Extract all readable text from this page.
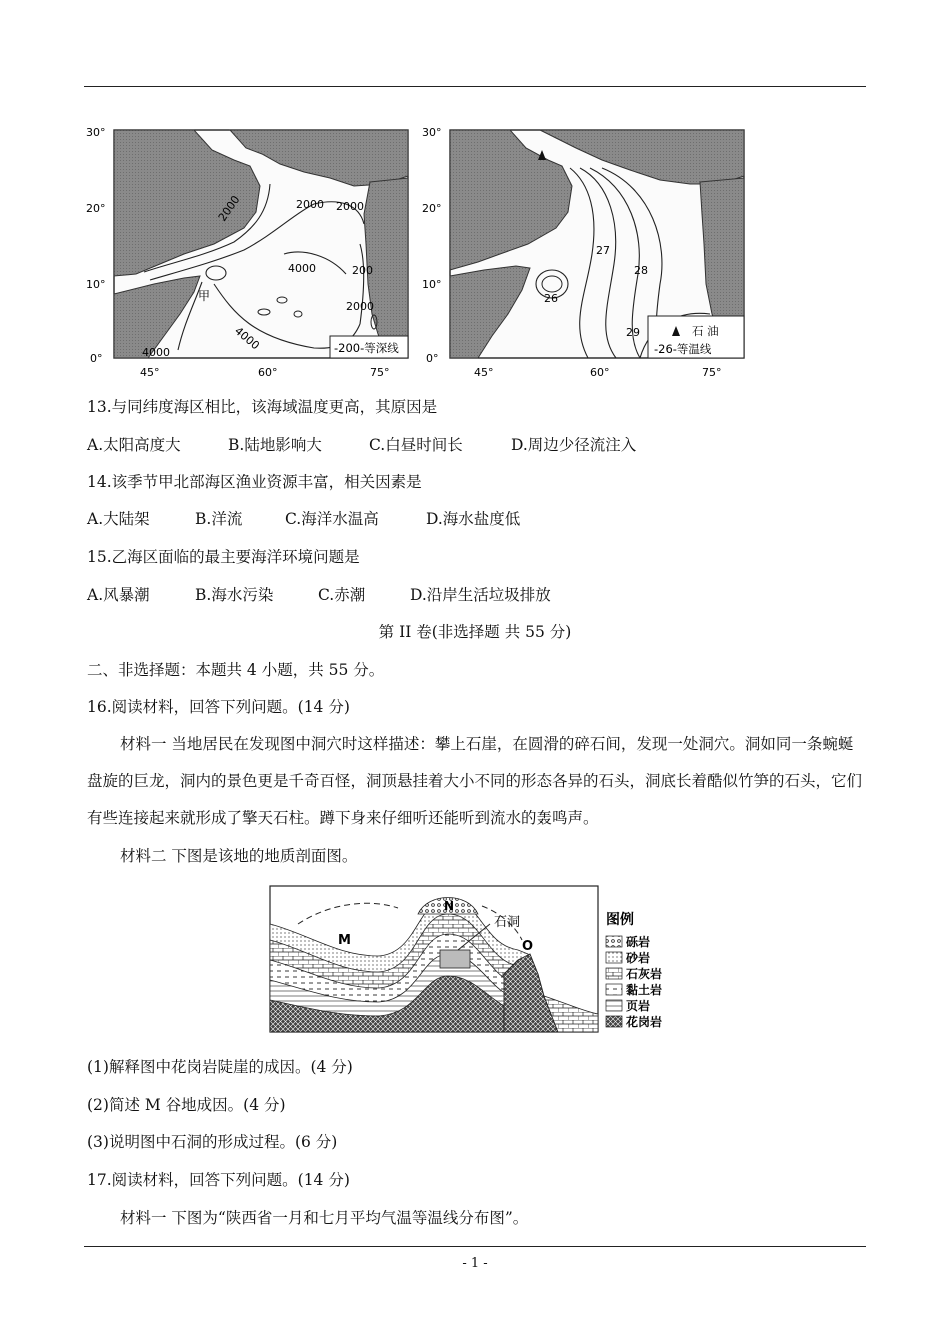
2000	2000 2000
4000
4000
4000
200
2000
甲
-200-等深线
30°
20°
10°
0°
45°	60°	75°
27
28
26
29	石 油
-26-等温线
30°
20°
10°
0°
45°	60°	75°
13.与同纬度海区相比，该海域温度更高，其原因是
A.太阳高度大	B.陆地影响大	C.白昼时间长	D.周边少径流注入
14.该季节甲北部海区渔业资源丰富，相关因素是
A.大陆架	B.洋流	C.海洋水温高	D.海水盐度低
15.乙海区面临的最主要海洋环境问题是
A.风暴潮	B.海水污染	C.赤潮	D.沿岸生活垃圾排放
第 II 卷(非选择题 共 55 分)
二、非选择题：本题共 4 小题，共 55 分。
16.阅读材料，回答下列问题。(14 分)
材料一 当地居民在发现图中洞穴时这样描述：攀上石崖，在圆滑的碎石间，发现一处洞穴。洞如同一条蜿蜒盘旋的巨龙，洞内的景色更是千奇百怪，洞顶悬挂着大小不同的形态各异的石头，洞底长着酷似竹笋的石头，它们有些连接起来就形成了擎天石柱。蹲下身来仔细听还能听到流水的轰鸣声。
材料二 下图是该地的地质剖面图。
M
N
O
石洞	图例
砾岩
砂岩
石灰岩
黏土岩
页岩
花岗岩
(1)解释图中花岗岩陡崖的成因。(4 分)
(2)简述 M 谷地成因。(4 分)
(3)说明图中石洞的形成过程。(6 分)
17.阅读材料，回答下列问题。(14 分)
材料一 下图为“陕西省一月和七月平均气温等温线分布图”。
- 1 -
